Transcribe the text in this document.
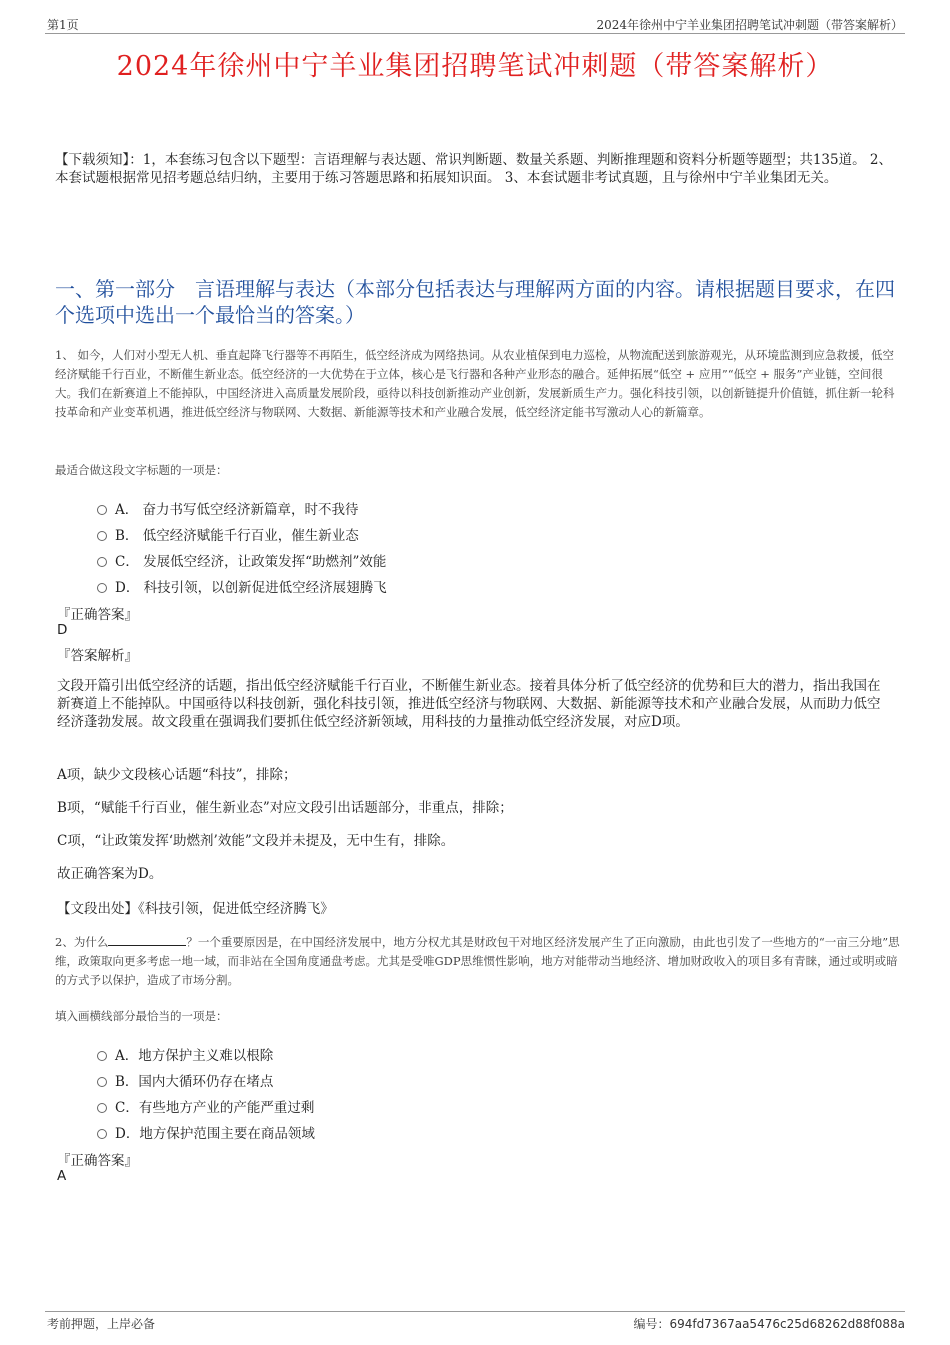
第1页	2024年徐州中宁羊业集团招聘笔试冲刺题（带答案解析）
2024年徐州中宁羊业集团招聘笔试冲刺题（带答案解析）
【下载须知】：1，本套练习包含以下题型：言语理解与表达题、常识判断题、数量关系题、判断推理题和资料分析题等题型；共135道。 2、本套试题根据常见招考题总结归纳，主要用于练习答题思路和拓展知识面。 3、本套试题非考试真题，且与徐州中宁羊业集团无关。
一、第一部分　言语理解与表达（本部分包括表达与理解两方面的内容。请根据题目要求，在四个选项中选出一个最恰当的答案。）
1、 如今，人们对小型无人机、垂直起降飞行器等不再陌生，低空经济成为网络热词。从农业植保到电力巡检，从物流配送到旅游观光，从环境监测到应急救援，低空经济赋能千行百业，不断催生新业态。低空经济的一大优势在于立体，核心是飞行器和各种产业形态的融合。延伸拓展“低空 + 应用”“低空 + 服务”产业链，空间很大。我们在新赛道上不能掉队，中国经济进入高质量发展阶段，亟待以科技创新推动产业创新，发展新质生产力。强化科技引领，以创新链提升价值链，抓住新一轮科技革命和产业变革机遇，推进低空经济与物联网、大数据、新能源等技术和产业融合发展，低空经济定能书写激动人心的新篇章。
最适合做这段文字标题的一项是：
A． 奋力书写低空经济新篇章，时不我待
B． 低空经济赋能千行百业，催生新业态
C． 发展低空经济，让政策发挥“助燃剂”效能
D． 科技引领，以创新促进低空经济展翅腾飞
『正确答案』
D
『答案解析』
文段开篇引出低空经济的话题，指出低空经济赋能千行百业，不断催生新业态。接着具体分析了低空经济的优势和巨大的潜力，指出我国在新赛道上不能掉队。中国亟待以科技创新，强化科技引领，推进低空经济与物联网、大数据、新能源等技术和产业融合发展，从而助力低空经济蓬勃发展。故文段重在强调我们要抓住低空经济新领域，用科技的力量推动低空经济发展，对应D项。
A项，缺少文段核心话题“科技”，排除；
B项，“赋能千行百业，催生新业态”对应文段引出话题部分，非重点，排除；
C项，“让政策发挥‘助燃剂’效能”文段并未提及，无中生有，排除。
故正确答案为D。
【文段出处】《科技引领，促进低空经济腾飞》
2、为什么	？一个重要原因是，在中国经济发展中，地方分权尤其是财政包干对地区经济发展产生了正向激励，由此也引发了一些地方的“一亩三分地”思维，政策取向更多考虑一地一域，而非站在全国角度通盘考虑。尤其是受唯GDP思维惯性影响，地方对能带动当地经济、增加财政收入的项目多有青睐，通过或明或暗的方式予以保护，造成了市场分割。
填入画横线部分最恰当的一项是：
A．地方保护主义难以根除
B．国内大循环仍存在堵点
C．有些地方产业的产能严重过剩
D．地方保护范围主要在商品领域
『正确答案』
A
考前押题，上岸必备	编号：694fd7367aa5476c25d68262d88f088a
